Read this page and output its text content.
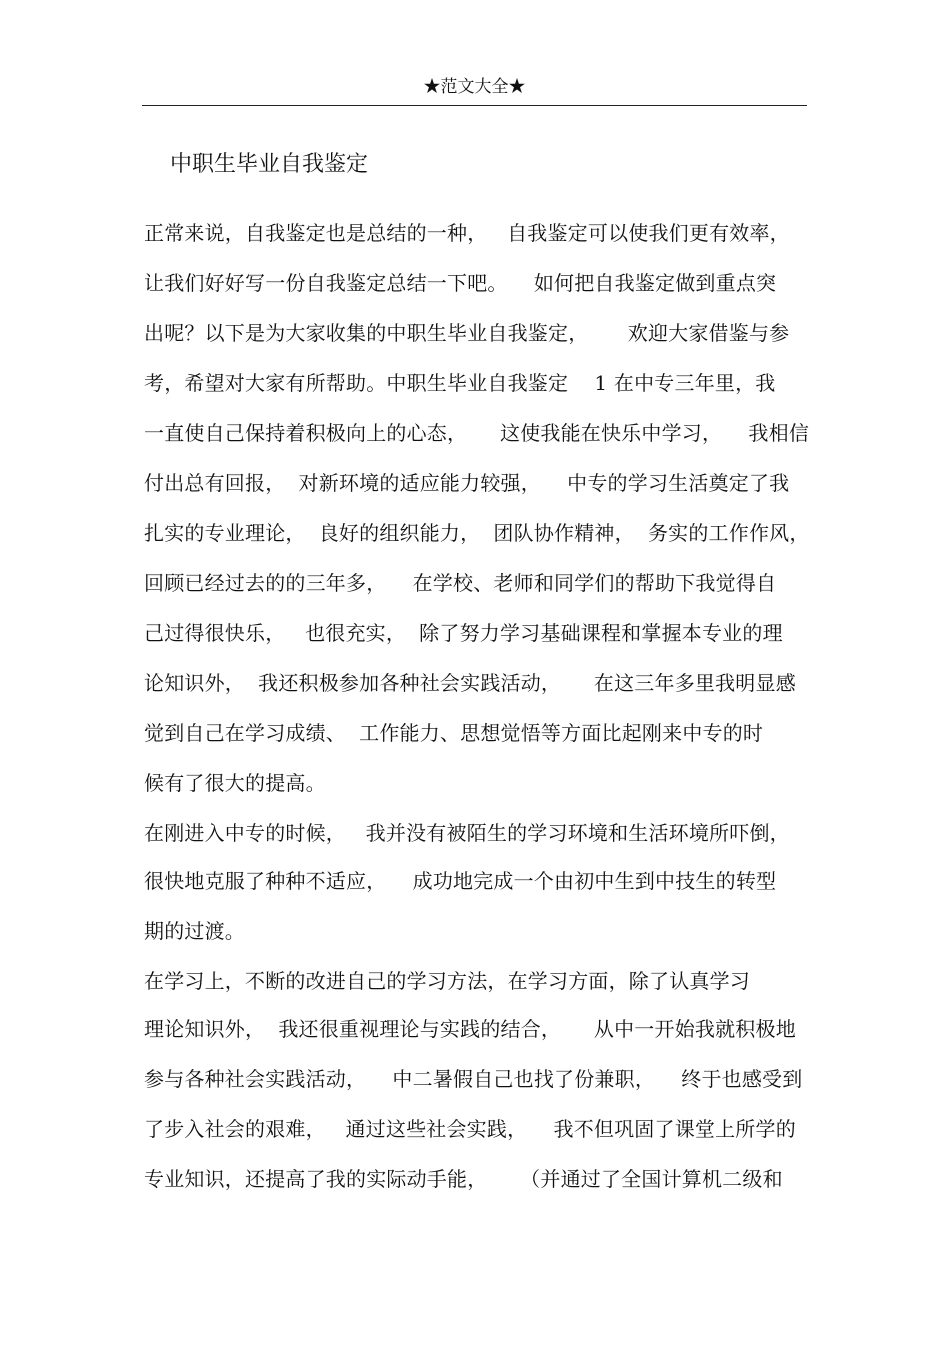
★范文大全★
中职生毕业自我鉴定
正常来说，自我鉴定也是总结的一种，   自我鉴定可以使我们更有效率，
让我们好好写一份自我鉴定总结一下吧。    如何把自我鉴定做到重点突
出呢？以下是为大家收集的中职生毕业自我鉴定，      欢迎大家借鉴与参
考，希望对大家有所帮助。中职生毕业自我鉴定    1 在中专三年里，我
一直使自己保持着积极向上的心态，     这使我能在快乐中学习，    我相信
付出总有回报，  对新环境的适应能力较强，    中专的学习生活奠定了我
扎实的专业理论，  良好的组织能力，  团队协作精神，  务实的工作作风，
回顾已经过去的的三年多，    在学校、老师和同学们的帮助下我觉得自
己过得很快乐，   也很充实，  除了努力学习基础课程和掌握本专业的理
论知识外，  我还积极参加各种社会实践活动，     在这三年多里我明显感
觉到自己在学习成绩、  工作能力、思想觉悟等方面比起刚来中专的时
候有了很大的提高。
在刚进入中专的时候，   我并没有被陌生的学习环境和生活环境所吓倒，
很快地克服了种种不适应，    成功地完成一个由初中生到中技生的转型
期的过渡。
在学习上，不断的改进自己的学习方法，在学习方面，除了认真学习
理论知识外，  我还很重视理论与实践的结合，     从中一开始我就积极地
参与各种社会实践活动，    中二暑假自己也找了份兼职，    终于也感受到
了步入社会的艰难，   通过这些社会实践，    我不但巩固了课堂上所学的
专业知识，还提高了我的实际动手能，     （并通过了全国计算机二级和
